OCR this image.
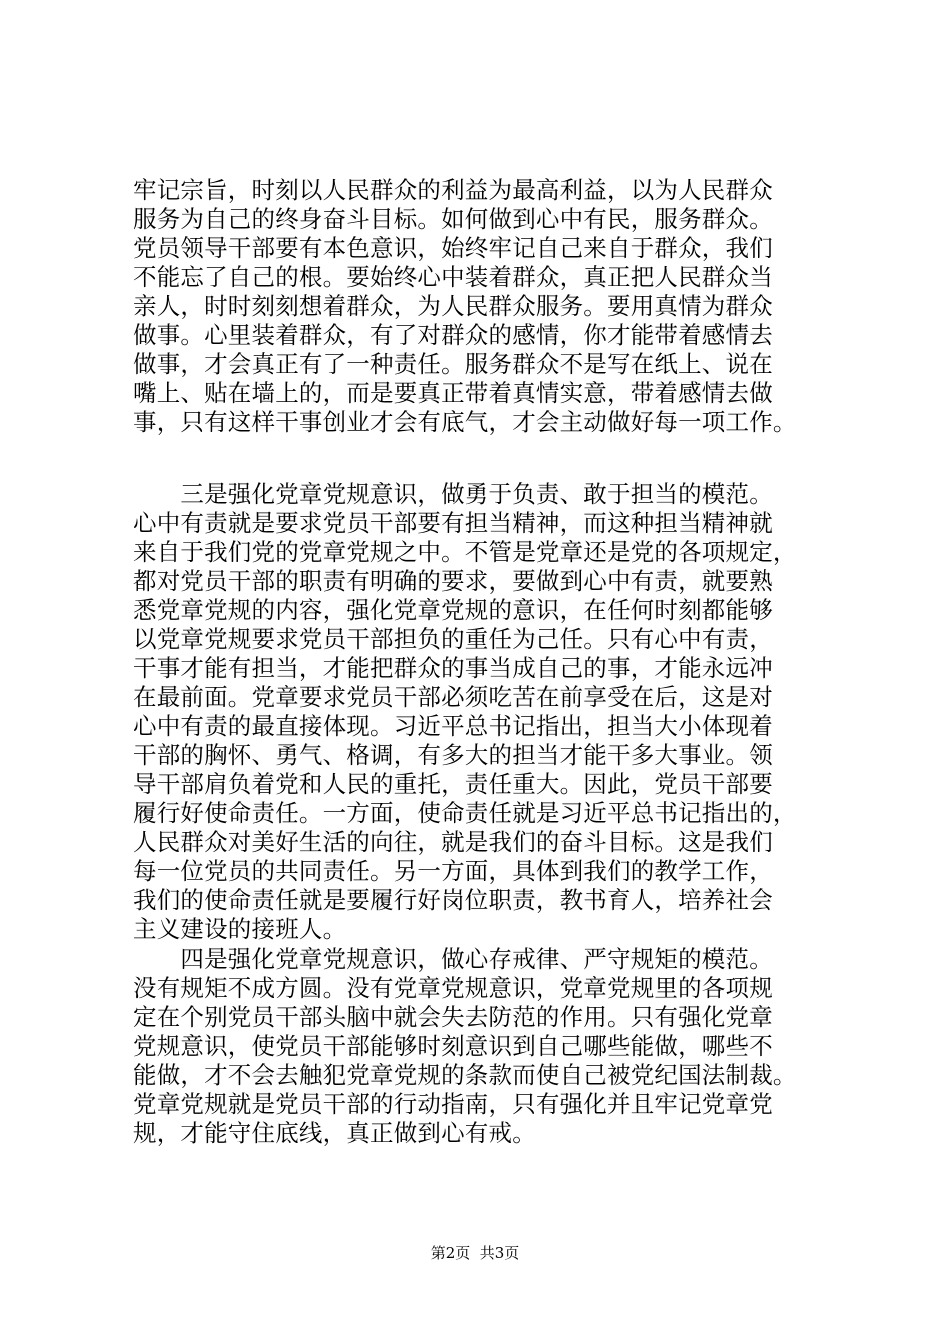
牢记宗旨，时刻以人民群众的利益为最高利益，以为人民群众
服务为自己的终身奋斗目标。如何做到心中有民，服务群众。
党员领导干部要有本色意识，始终牢记自己来自于群众，我们
不能忘了自己的根。要始终心中装着群众，真正把人民群众当
亲人，时时刻刻想着群众，为人民群众服务。要用真情为群众
做事。心里装着群众，有了对群众的感情，你才能带着感情去
做事，才会真正有了一种责任。服务群众不是写在纸上、说在
嘴上、贴在墙上的，而是要真正带着真情实意，带着感情去做
事，只有这样干事创业才会有底气，才会主动做好每一项工作。
　　三是强化党章党规意识，做勇于负责、敢于担当的模范。
心中有责就是要求党员干部要有担当精神，而这种担当精神就
来自于我们党的党章党规之中。不管是党章还是党的各项规定，
都对党员干部的职责有明确的要求，要做到心中有责，就要熟
悉党章党规的内容，强化党章党规的意识，在任何时刻都能够
以党章党规要求党员干部担负的重任为己任。只有心中有责，
干事才能有担当，才能把群众的事当成自己的事，才能永远冲
在最前面。党章要求党员干部必须吃苦在前享受在后，这是对
心中有责的最直接体现。习近平总书记指出，担当大小体现着
干部的胸怀、勇气、格调，有多大的担当才能干多大事业。领
导干部肩负着党和人民的重托，责任重大。因此，党员干部要
履行好使命责任。一方面，使命责任就是习近平总书记指出的，
人民群众对美好生活的向往，就是我们的奋斗目标。这是我们
每一位党员的共同责任。另一方面，具体到我们的教学工作，
我们的使命责任就是要履行好岗位职责，教书育人，培养社会
主义建设的接班人。
　　四是强化党章党规意识，做心存戒律、严守规矩的模范。
没有规矩不成方圆。没有党章党规意识，党章党规里的各项规
定在个别党员干部头脑中就会失去防范的作用。只有强化党章
党规意识，使党员干部能够时刻意识到自己哪些能做，哪些不
能做，才不会去触犯党章党规的条款而使自己被党纪国法制裁。
党章党规就是党员干部的行动指南，只有强化并且牢记党章党
规，才能守住底线，真正做到心有戒。
第2页  共3页
